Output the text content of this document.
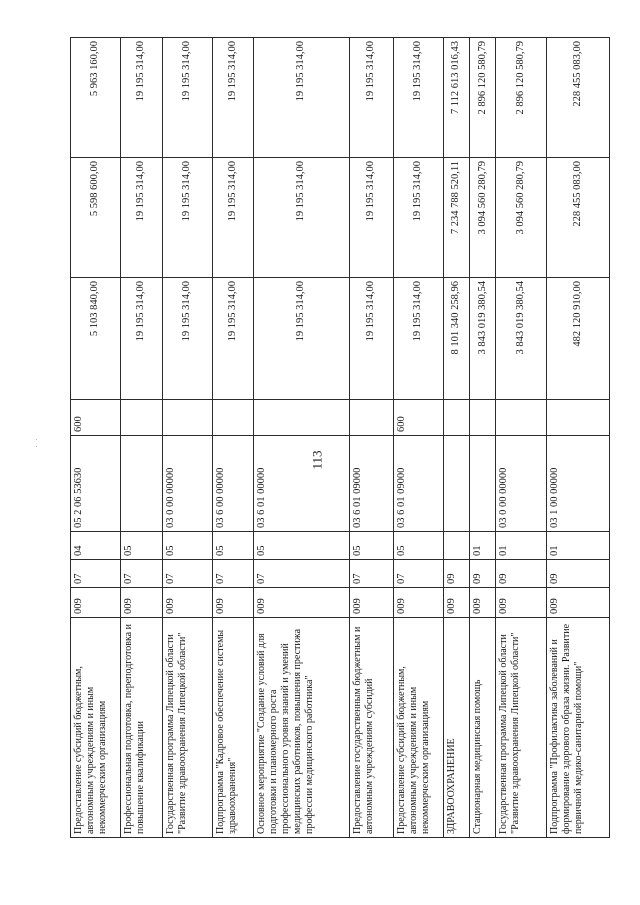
113
· ·
Предоставление субсидий бюджетным, автономным учреждениям и иным некоммерческим организациям	009	07	04	05 2 06 53630	600	5 103 840,00	5 598 600,00	5 963 160,00
Профессиональная подготовка, переподготовка и повышение квалификации	009	07	05			19 195 314,00	19 195 314,00	19 195 314,00
Государственная программа Липецкой области "Развитие здравоохранения Липецкой области"	009	07	05	03 0 00 00000		19 195 314,00	19 195 314,00	19 195 314,00
Подпрограмма "Кадровое обеспечение системы здравоохранения"	009	07	05	03 6 00 00000		19 195 314,00	19 195 314,00	19 195 314,00
Основное мероприятие "Создание условий для подготовки и планомерного роста профессионального уровня знаний и умений медицинских работников, повышения престижа профессии медицинского работника"	009	07	05	03 6 01 00000		19 195 314,00	19 195 314,00	19 195 314,00
Предоставление государственным бюджетным и автономным учреждениям субсидий	009	07	05	03 6 01 09000		19 195 314,00	19 195 314,00	19 195 314,00
Предоставление субсидий бюджетным, автономным учреждениям и иным некоммерческим организациям	009	07	05	03 6 01 09000	600	19 195 314,00	19 195 314,00	19 195 314,00
ЗДРАВООХРАНЕНИЕ	009	09				8 101 340 258,96	7 234 788 520,11	7 112 613 016,43
Стационарная медицинская помощь	009	09	01			3 843 019 380,54	3 094 560 280,79	2 896 120 580,79
Государственная программа Липецкой области "Развитие здравоохранения Липецкой области"	009	09	01	03 0 00 00000		3 843 019 380,54	3 094 560 280,79	2 896 120 580,79
Подпрограмма "Профилактика заболеваний и формирование здорового образа жизни. Развитие первичной медико-санитарной помощи"	009	09	01	03 1 00 00000		482 120 910,00	228 455 083,00	228 455 083,00
